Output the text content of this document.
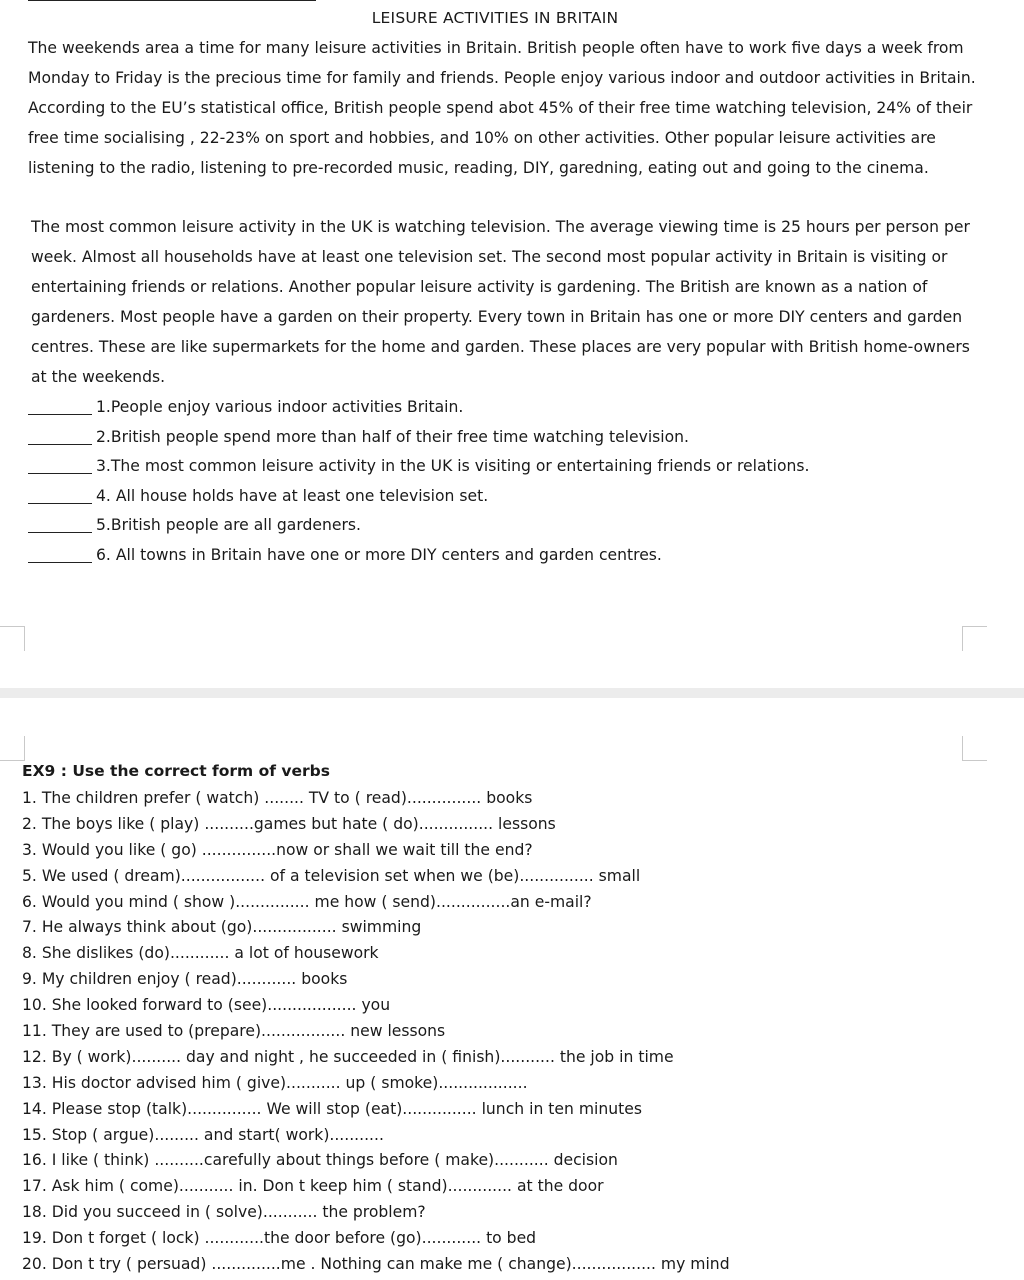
LEISURE ACTIVITIES IN BRITAIN

The weekends area a time for many leisure activities in Britain. British people often have to work five days a week from Monday to Friday is the precious time for family and friends. People enjoy various indoor and outdoor activities in Britain. According to the EU’s statistical office, British people spend abot 45% of their free time watching television, 24% of their free time socialising , 22-23% on sport and hobbies, and 10% on other activities. Other popular leisure activities are listening to the radio, listening to pre-recorded music, reading, DIY, garedning, eating out and going to the cinema.

The most common leisure activity in the UK is watching television. The average viewing time is 25 hours per person per week. Almost all households have at least one television set. The second most popular activity in Britain is visiting or entertaining friends or relations. Another popular leisure activity is gardening. The British are known as a nation of gardeners. Most people have a garden on their property. Every town in Britain has one or more DIY centers and garden centres. These are like supermarkets for the home and garden. These places are very popular with British home-owners at the weekends.

1.People enjoy various indoor activities Britain.
2.British people spend more than half of their free time watching television.
3.The most common leisure activity in the UK is visiting or entertaining friends or relations.
4. All house holds have at least one television set.
5.British people are all gardeners.
6. All towns in Britain have one or more DIY centers and garden centres.
EX9 : Use the correct form of verbs
1. The children prefer ( watch) ........ TV to ( read)............... books
2. The boys like ( play) ..........games but hate ( do)............... lessons
3. Would you like ( go) ...............now or shall we wait till the end?
5. We used ( dream)................. of a television set when we (be)............... small
6. Would you mind ( show )............... me how ( send)...............an e-mail?
7. He always think about (go)................. swimming
8. She dislikes (do)............ a lot of housework
9. My children enjoy ( read)............ books
10. She looked forward to (see).................. you
11. They are used to (prepare)................. new lessons
12. By ( work).......... day and night , he succeeded in ( finish)........... the job in time
13. His doctor advised him ( give)........... up ( smoke)..................
14. Please stop (talk)............... We will stop (eat)............... lunch in ten minutes
15. Stop ( argue)......... and start( work)...........
16. I like ( think) ..........carefully about things before ( make)........... decision
17. Ask him ( come)........... in. Don t keep him ( stand)............. at the door
18. Did you succeed in ( solve)........... the problem?
19. Don t forget ( lock) ............the door before (go)............ to bed
20. Don t try ( persuad) ..............me . Nothing can make me ( change)................. my mind
